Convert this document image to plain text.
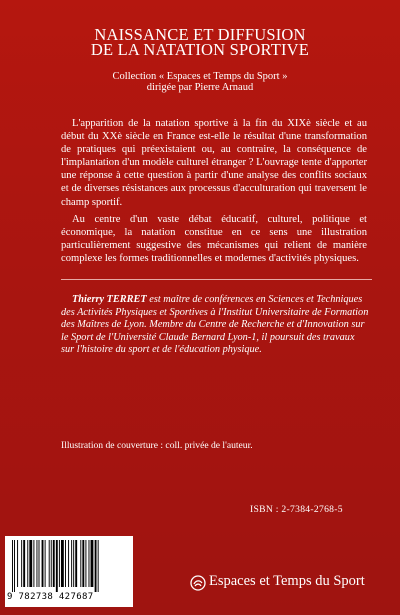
NAISSANCE ET DIFFUSION
DE LA NATATION SPORTIVE
Collection « Espaces et Temps du Sport »
dirigée par Pierre Arnaud

L'apparition de la natation sportive à la fin du XIXè siècle et au début du XXè siècle en France est-elle le résultat d'une transformation de pratiques qui préexistaient ou, au contraire, la conséquence de l'implantation d'un modèle culturel étranger ? L'ouvrage tente d'apporter une réponse à cette question à partir d'une analyse des conflits sociaux et de diverses résistances aux processus d'acculturation qui traversent le champ sportif.

Au centre d'un vaste débat éducatif, culturel, politique et économique, la natation constitue en ce sens une illustration particulièrement suggestive des mécanismes qui relient de manière complexe les formes traditionnelles et modernes d'activités physiques.

Thierry TERRET est maître de conférences en Sciences et Techniques des Activités Physiques et Sportives à l'Institut Universitaire de Formation des Maîtres de Lyon. Membre du Centre de Recherche et d'Innovation sur le Sport de l'Université Claude Bernard Lyon-1, il poursuit des travaux sur l'histoire du sport et de l'éducation physique.

Illustration de couverture : coll. privée de l'auteur.
ISBN : 2-7384-2768-5
9 782738 427687
Espaces et Temps du Sport
